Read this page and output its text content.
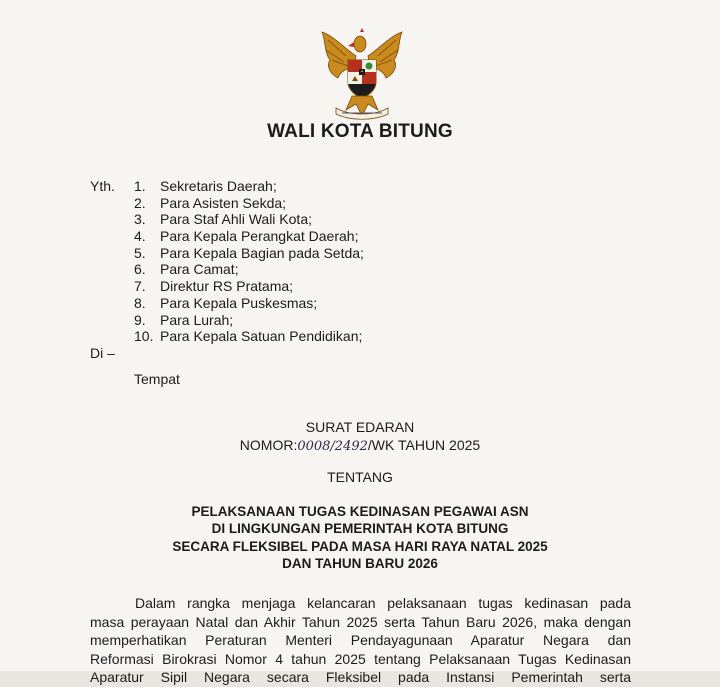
WALI KOTA BITUNG
Yth. 1. Sekretaris Daerah;
2. Para Asisten Sekda;
3. Para Staf Ahli Wali Kota;
4. Para Kepala Perangkat Daerah;
5. Para Kepala Bagian pada Setda;
6. Para Camat;
7. Direktur RS Pratama;
8. Para Kepala Puskesmas;
9. Para Lurah;
10. Para Kepala Satuan Pendidikan;
Di –
Tempat
SURAT EDARAN
NOMOR:0008/2492/WK TAHUN 2025
TENTANG
PELAKSANAAN TUGAS KEDINASAN PEGAWAI ASN
DI LINGKUNGAN PEMERINTAH KOTA BITUNG
SECARA FLEKSIBEL PADA MASA HARI RAYA NATAL 2025
DAN TAHUN BARU 2026

Dalam rangka menjaga kelancaran pelaksanaan tugas kedinasan pada
masa perayaan Natal dan Akhir Tahun 2025 serta Tahun Baru 2026, maka dengan
memperhatikan Peraturan Menteri Pendayagunaan Aparatur Negara dan
Reformasi Birokrasi Nomor 4 tahun 2025 tentang Pelaksanaan Tugas Kedinasan
Aparatur Sipil Negara secara Fleksibel pada Instansi Pemerintah serta
